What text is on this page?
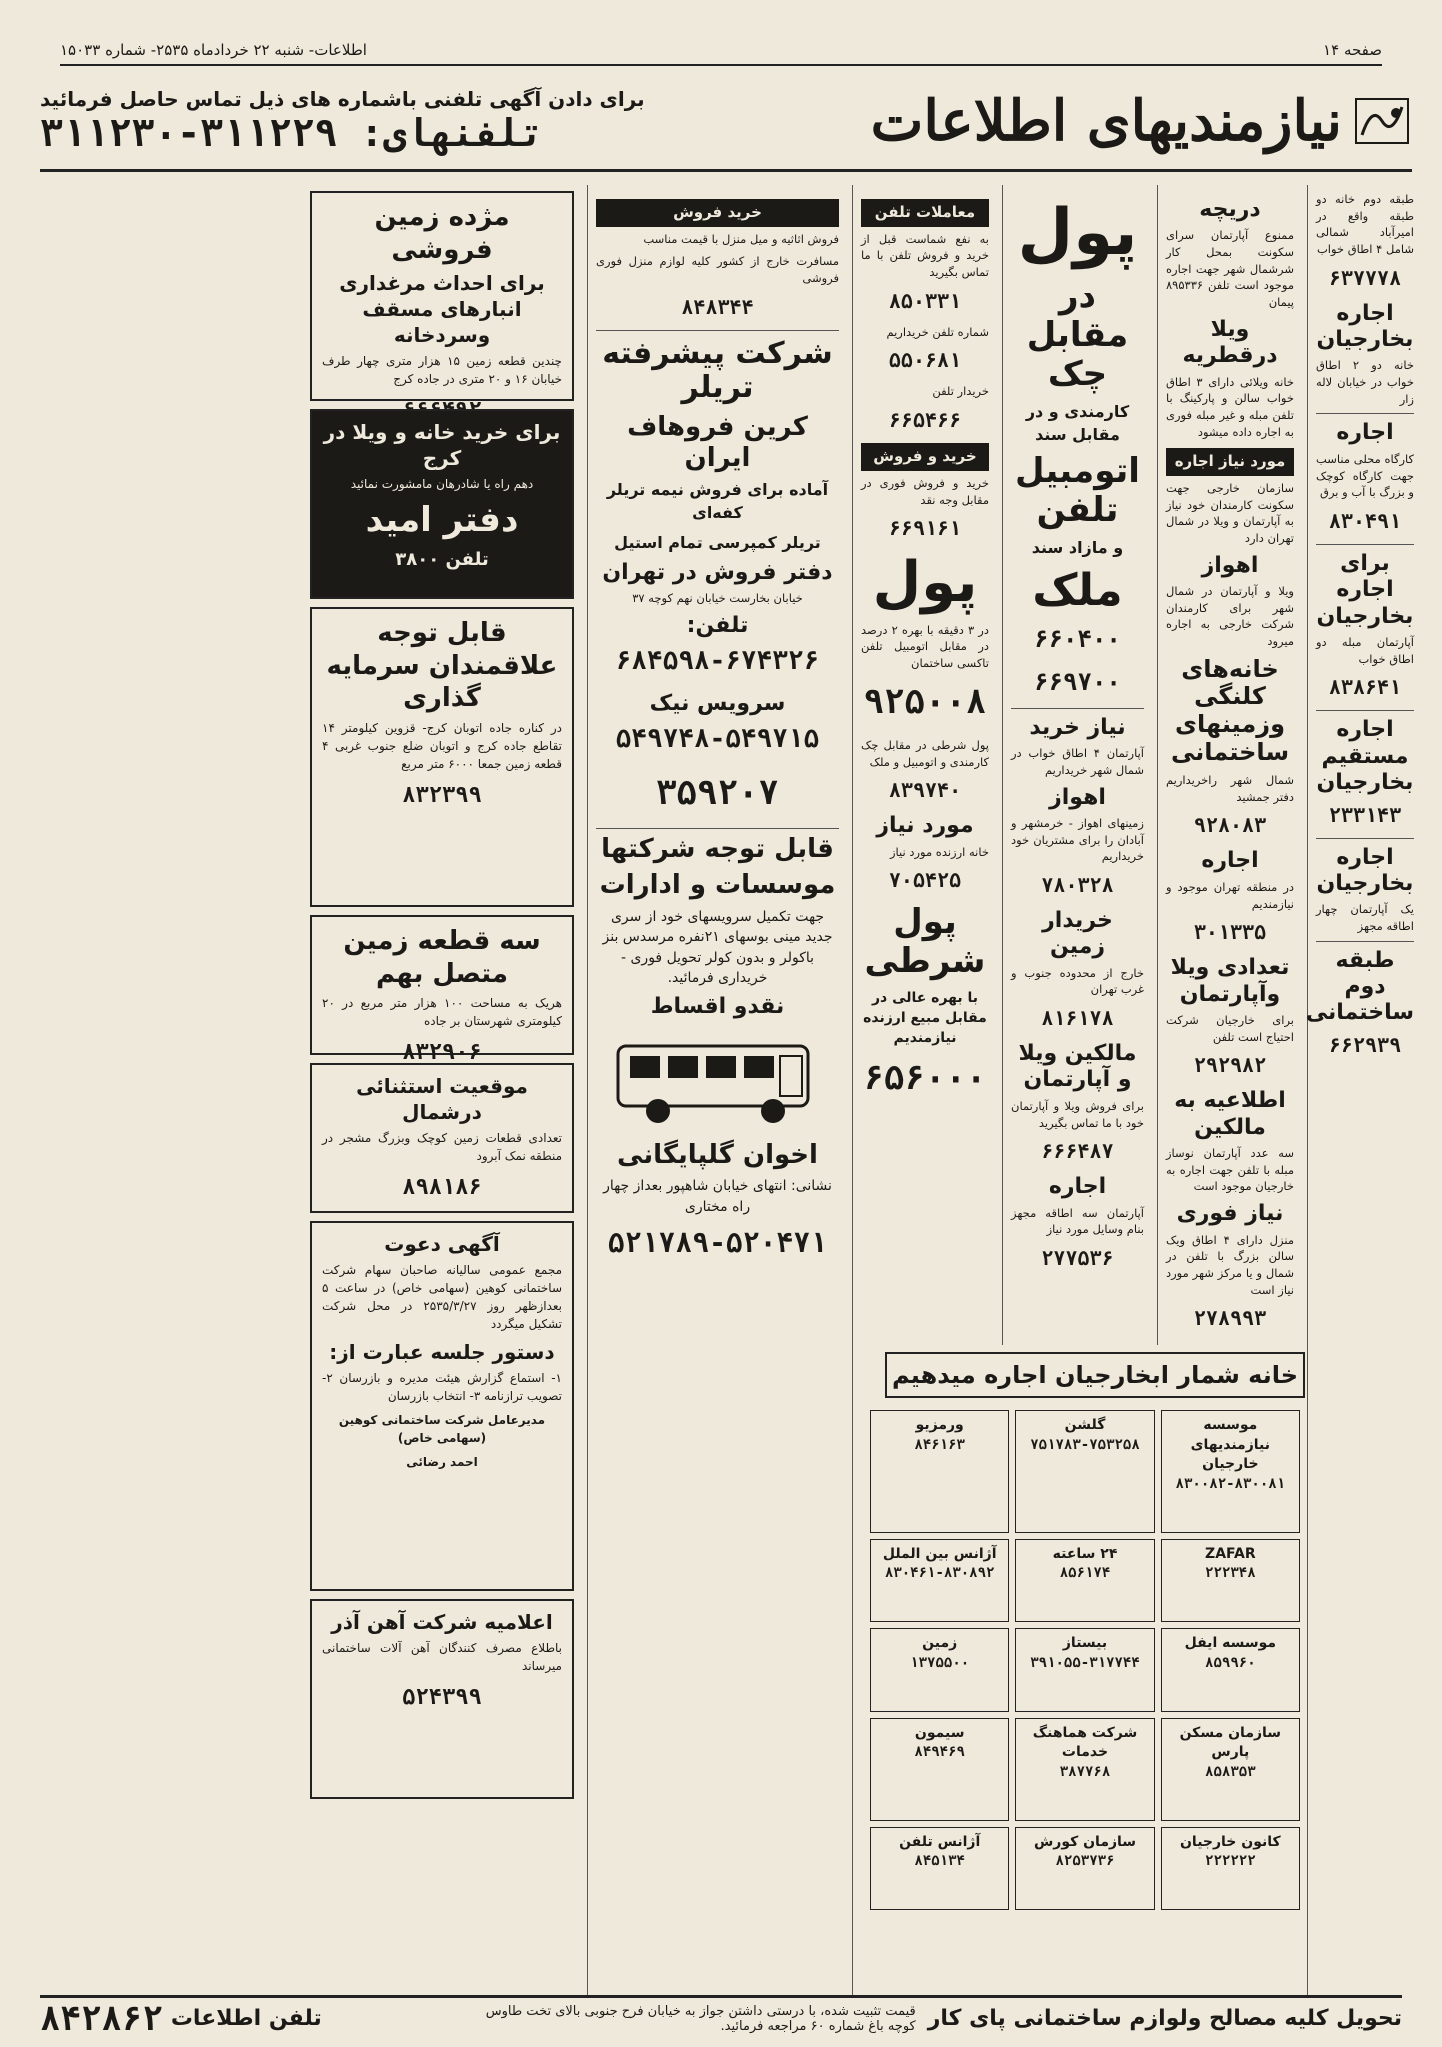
صفحه ۱۴
اطلاعات- شنبه ۲۲ خردادماه ۲۵۳۵- شماره ۱۵۰۳۳
نیازمندیهای اطلاعات
برای دادن آگهی تلفنی باشماره های ذیل تماس حاصل فرمائید
تلفنهای: ۳۱۱۲۲۹-۳۱۱۲۳۰

طبقه دوم خانه دو طبقه واقع در امیرآباد شمالی شامل ۴ اطاق خواب

۶۳۷۷۷۸
اجاره بخارجیان

خانه دو ۲ اطاق خواب در خیابان لاله زار

اجاره

کارگاه محلی مناسب جهت کارگاه کوچک و بزرگ با آب و برق

۸۳۰۴۹۱
برای اجاره بخارجیان

آپارتمان مبله دو اطاق خواب

۸۳۸۶۴۱
اجاره مستقیم بخارجیان
۲۳۳۱۴۳
اجاره بخارجیان

یک آپارتمان چهار اطاقه مجهز

طبقه دوم ساختمانی
۶۶۲۹۳۹
دریچه

ممنوع آپارتمان سرای سکونت بمحل کار شرشمال شهر جهت اجاره موجود است تلفن ۸۹۵۳۳۶ پیمان

ویلا درقطریه

خانه ویلائی دارای ۳ اطاق خواب سالن و پارکینگ با تلفن مبله و غیر مبله فوری به اجاره داده میشود

مورد نیاز اجاره

سازمان خارجی جهت سکونت کارمندان خود نیاز به آپارتمان و ویلا در شمال تهران دارد

اهواز

ویلا و آپارتمان در شمال شهر برای کارمندان شرکت خارجی به اجاره میرود

خانه‌های کلنگی وزمینهای ساختمانی

شمال شهر راخریداریم دفتر جمشید

۹۲۸۰۸۳
اجاره

در منطقه تهران موجود و نیازمندیم

۳۰۱۳۳۵
تعدادی ویلا وآپارتمان

برای خارجیان شرکت احتیاج است تلفن

۲۹۲۹۸۲
اطلاعیه به مالکین

سه عدد آپارتمان نوساز مبله با تلفن جهت اجاره به خارجیان موجود است

نیاز فوری

منزل دارای ۴ اطاق ویک سالن بزرگ با تلفن در شمال و یا مرکز شهر مورد نیاز است

۲۷۸۹۹۳
پول
در مقابل چک

کارمندی و در مقابل سند

اتومبیل تلفن

و مازاد سند

ملک
۶۶۰۴۰۰
۶۶۹۷۰۰
نیاز خرید

آپارتمان ۴ اطاق خواب در شمال شهر خریداریم

اهواز

زمینهای اهواز - خرمشهر و آبادان را برای مشتریان خود خریداریم

۷۸۰۳۲۸
خریدار زمین

خارج از محدوده جنوب و غرب تهران

۸۱۶۱۷۸
مالکین ویلا و آپارتمان

برای فروش ویلا و آپارتمان خود با ما تماس بگیرید

۶۶۶۴۸۷
اجاره

آپارتمان سه اطاقه مجهز بنام وسایل مورد نیاز

۲۷۷۵۳۶
معاملات تلفن

به نفع شماست قبل از خرید و فروش تلفن با ما تماس بگیرید

۸۵۰۳۳۱

شماره تلفن خریداریم

۵۵۰۶۸۱

خریدار تلفن

۶۶۵۴۶۶
خرید و فروش

خرید و فروش فوری در مقابل وجه نقد

۶۶۹۱۶۱
پول

در ۳ دقیقه با بهره ۲ درصد در مقابل اتومبیل تلفن تاکسی ساختمان

۹۲۵۰۰۸

پول شرطی در مقابل چک کارمندی و اتومبیل و ملک

۸۳۹۷۴۰
مورد نیاز

خانه ارزنده مورد نیاز

۷۰۵۴۲۵
پول شرطی

با بهره عالی در مقابل مبیع ارزنده نیازمندیم

۶۵۶۰۰۰
خرید فروش

فروش اثاثیه و میل منزل با قیمت مناسب

مسافرت خارج از کشور کلیه لوازم منزل فوری فروشی

۸۴۸۳۴۴
شرکت پیشرفته تریلر
کرین فروهاف ایران

آماده برای فروش نیمه تریلر کفه‌ای

تریلر کمپرسی تمام استیل

دفتر فروش در تهران

خیابان بخارست خیابان نهم کوچه ۳۷

تلفن:
۶۸۴۵۹۸-۶۷۴۳۲۶
سرویس نیک
۵۴۹۷۴۸-۵۴۹۷۱۵
۳۵۹۲۰۷
قابل توجه شرکتها
موسسات و ادارات

جهت تکمیل سرویسهای خود از سری جدید مینی بوسهای ۲۱نفره مرسدس بنز باکولر و بدون کولر تحویل فوری - خریداری فرمائید.

نقدو اقساط
اخوان گلپایگانی

نشانی: انتهای خیابان شاهپور بعداز چهار راه مختاری

۵۲۱۷۸۹-۵۲۰۴۷۱
مژده زمین فروشی
برای احداث مرغداری انبارهای مسقف وسردخانه

چندین قطعه زمین ۱۵ هزار متری چهار طرف خیابان ۱۶ و ۲۰ متری در جاده کرج

برای خرید خانه و ویلا در کرج

دهم راه یا شادرهان مامشورت نمائید

دفتر امید

تلفن ۳۸۰۰

قابل توجه علاقمندان سرمایه گذاری

در کناره جاده اتوبان کرج- قزوین کیلومتر ۱۴ تقاطع جاده کرج و اتوبان ضلع جنوب غربی ۴ قطعه زمین جمعا ۶۰۰۰ متر مربع

۸۳۲۳۹۹
سه قطعه زمین متصل بهم

هریک به مساحت ۱۰۰ هزار متر مربع در ۲۰ کیلومتری شهرستان بر جاده

۸۳۲۹۰۶
موقعیت استثنائی درشمال

تعدادی قطعات زمین کوچک وبزرگ مشجر در منطقه نمک آبرود

۸۹۸۱۸۶
آگهی دعوت

مجمع عمومی سالیانه صاحبان سهام شرکت ساختمانی کوهین (سهامی خاص) در ساعت ۵ بعدازظهر روز ۲۵۳۵/۳/۲۷ در محل شرکت تشکیل میگردد

دستور جلسه عبارت از:

۱- استماع گزارش هیئت مدیره و بازرسان ۲- تصویب ترازنامه ۳- انتخاب بازرسان

مدیرعامل شرکت ساختمانی کوهین (سهامی خاص)

احمد رضائی

اعلامیه شرکت آهن آذر

باطلاع مصرف کنندگان آهن آلات ساختمانی میرساند

۵۲۴۳۹۹
خانه شمار ابخارجیان اجاره میدهیم
موسسه نیازمندیهای خارجیان
۸۳۰۰۸۲-۸۳۰۰۸۱
گلشن
۷۵۱۷۸۳-۷۵۳۲۵۸
ورمزیو
۸۴۶۱۶۳
ZAFAR
۲۲۲۳۴۸
۲۴ ساعته
۸۵۶۱۷۴
آژانس بین الملل
۸۳۰۴۶۱-۸۳۰۸۹۲
موسسه ایفل
۸۵۹۹۶۰
بیستاز
۳۹۱۰۵۵-۳۱۷۷۴۴
زمین
۱۳۷۵۵۰۰
سازمان مسکن پارس
۸۵۸۳۵۳
شرکت هماهنگ خدمات
۳۸۷۷۶۸
سیمون
۸۴۹۴۶۹
کانون خارجیان
۲۲۲۲۲۲
سازمان کورش
۸۲۵۳۷۳۶
آژانس تلفن
۸۴۵۱۳۴
تحویل کلیه مصالح ولوازم ساختمانی پای کار
قیمت تثبیت شده، با درستی داشتن جواز به خیابان فرح جنوبی بالای تخت طاوس کوچه باغ شماره ۶۰ مراجعه فرمائید.
تلفن اطلاعات
۸۴۲۸۶۲
